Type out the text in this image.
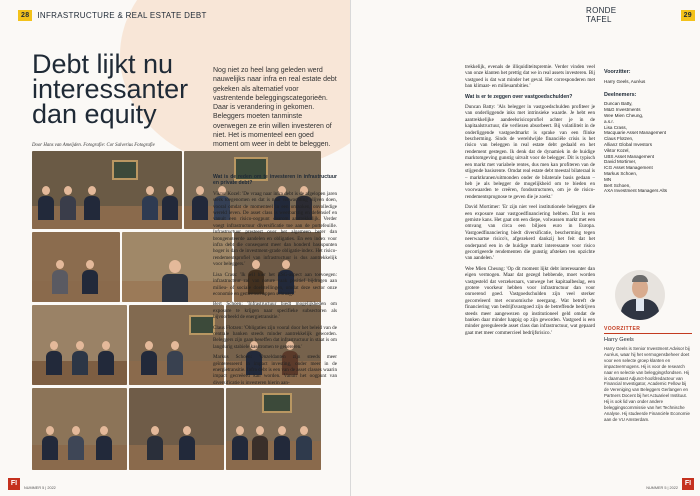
28	INFRASTRUCTURE & REAL ESTATE DEBT
Debt lijkt nu interessanter dan equity
Door Hans van Ameijden. Fotografie: Cor Salverius Fotografie
FI
NUMMER 5 | 2022
Nog niet zo heel lang geleden werd nauwelijks naar infra en real estate debt gekeken als alternatief voor vastrentende beleggingscategorieën. Daar is verandering in gekomen. Beleggers moeten tanminste overwegen ze erin willen investeren of niet. Het is momenteel een goed moment om weer in debt te beleggen.
RONDE TAFEL	29
Voorzitter:
Harry Geels, Auréus
Deelnemers:
Duncan Batty,
M&G Investments
Wee Mien Cheung,
a.s.r.
Lisa Crass,
Macquarie Asset Management
Claus Flotzen,
Allianz Global Investors
Viktor Kozel,
UBS Asset Management
David Mortimer,
ICG Asset Management
Markus Schoen,
MN
Bert Schoen,
AXA Investment Managers Alts
VOORZITTER
Harry Geels
Harry Geels is Senior Investment Advisor bij Auréus, waar hij het vermogensbeheer doet voor een selecte groep klanten en impactvermogens. Hij is voor de research naar en selectie van beleggingsfondsen. Hij is daarnaast Adjunct-hoofdredacteur van Financial Investigator, Academic Fellow bij de Vereniging van Beleggers Gerlangen en Partners Docent bij het Actuarieel Instituut. Hij is ook lid van onder andere beleggingscommissie van het Technische Analyse. Hij studeerde Financiële Economie aan de VU Amsterdam.
NUMMER 5 | 2022
FI

Wat is de reden om te investeren in infrastructuur en private debt?

Viktor Kozel: 'De vraag naar infra debt is de afgelopen jaren sterk toegenomen en dat is naar verwachting blijven doen, vooral omdat de momenteel in een omzoken, onvolledige wereld leven. De asset class is weerbarstig en defensief en vanuit een risico-oogpunt daarom aantrekkelijk. Verder voegt infrastructuur diversificatie toe aan de portefeuille. Infrastructuur presteert over het algemeen beter dan brongenoteerde aandelen en obligaties. En een index voor infra debt die consequent meer dan honderd basispunten hoger is dan de investment-grade obligatie-index. Het risico-rendementsprofiel van infrastructuur is dus aantrekkelijk voor beleggers.'

Lisa Crass: 'Ik wil hier het ESG-aspect aan toevoegen: infrastructuur zal van nature vaak positief bijdragen aan milieu- of sociale doelstellingen, omdat deze sector onze economie en gemeenschappen schraagt.'

Bert Schoen: 'Infrastructuur biedt mogelijkheden om exposure te krijgen naar specifieke subsectoren als bijvoorbeeld de energietransitie.'

Claus Flotzen: 'Obligaties zijn vooral door het beleid van de centrale banken steeds minder aantrekkelijk geworden. Beleggers zijn gaan beseffen dat infrastructuur in staat is om langdurig stabiele kasstromen te genereren.'

Markus Schoen: 'Onzeldanten zijn steeds meer geïnteresseerd in impact investing, onder meer in de energietransitie. Infra debt is een van de asset classes waarin impact gecreëerd kan worden. Vanuit het oogpunt van diversificatie is investeren hierin aan-

trekkelijk, evenals de illiquiditeitspremie. Verder vinden veel van onze klanten het prettig dat we in real assets investeren. Bij vastgoed is dat wat minder het geval. Het corresponderen met ban klimaat- en milieuambities.'

Wat is er te zeggen over vastgoedschulden?

Duncan Batty: 'Als belegger in vastgoedschulden profiteer je van onderliggende inks met intrinsieke waarde. Je hebt een aantrekkelijke aandeelsrisicoprofiel achter je in de kapitaalstructuur, die verliezen absorbeert. Bij volatiliteit in de onderliggende vastgoedmarkt is sprake van een flinke bescherming. Sinds de wereldwijde financiële crisis is het risico van beleggen in real estate debt gedaald en het rendement gestegen. Ik denk dat de dynamiek in de huidige marktomgeving gunstig uitvalt voor de belegger. Dit is typisch een markt met variabele rentes, dus men kan profiteren van de stijgende basisrente. Omdat real estate debt meestal bilateraal is – marktkranen/uitmonden onder de bilaterale basis gedaan – heb je als belegger de mogelijkheid om te bieden en voorwaarden te creëren, fondsstructuren, om je de risico-rendementsprognose te geven die je zoekt.'

David Mortimer: 'Er zijn niet veel institutionele beleggers die een exposure naar vastgoedfinanciering hebben. Dat is een gemiste kans. Het gaat om een diepe, volwassen markt met een omvang van circa een biljoen euro in Europa. Vastgoedfinanciering biedt diversificatie, bescherming tegen neerwaartse risico's, afgezekerd dankzij het feit dat het onderpand een in de huidige markt interessante voor risico gecorrigeerde rendementen die gunstig afsteken ten opzichte van aandelen.'

Wee Mien Cheung: 'Op dit moment lijkt debt interessanter dan eigen vermogen. Maar dat gezegd hebbende, moet worden vastgesteld dat verzekeraars, vanwege het kapitaalbeslag, een grotere voorkeur hebben voor infrastructuur dan voor onroerend goed. Vastgoedschulden zijn veel sterker gecorreleerd met economische neergang. Wat betreft de financiering van bedrijfsvastgoed zijn de betreffende bedrijven steeds meer aangewezen op institutioneel geld omdat de banken daar minder happig op zijn geworden. Vastgoed is een minder gereguleerde asset class dan infrastructuur, wat gepaard gaat met meer commercieel bedrijfsrisico.'
